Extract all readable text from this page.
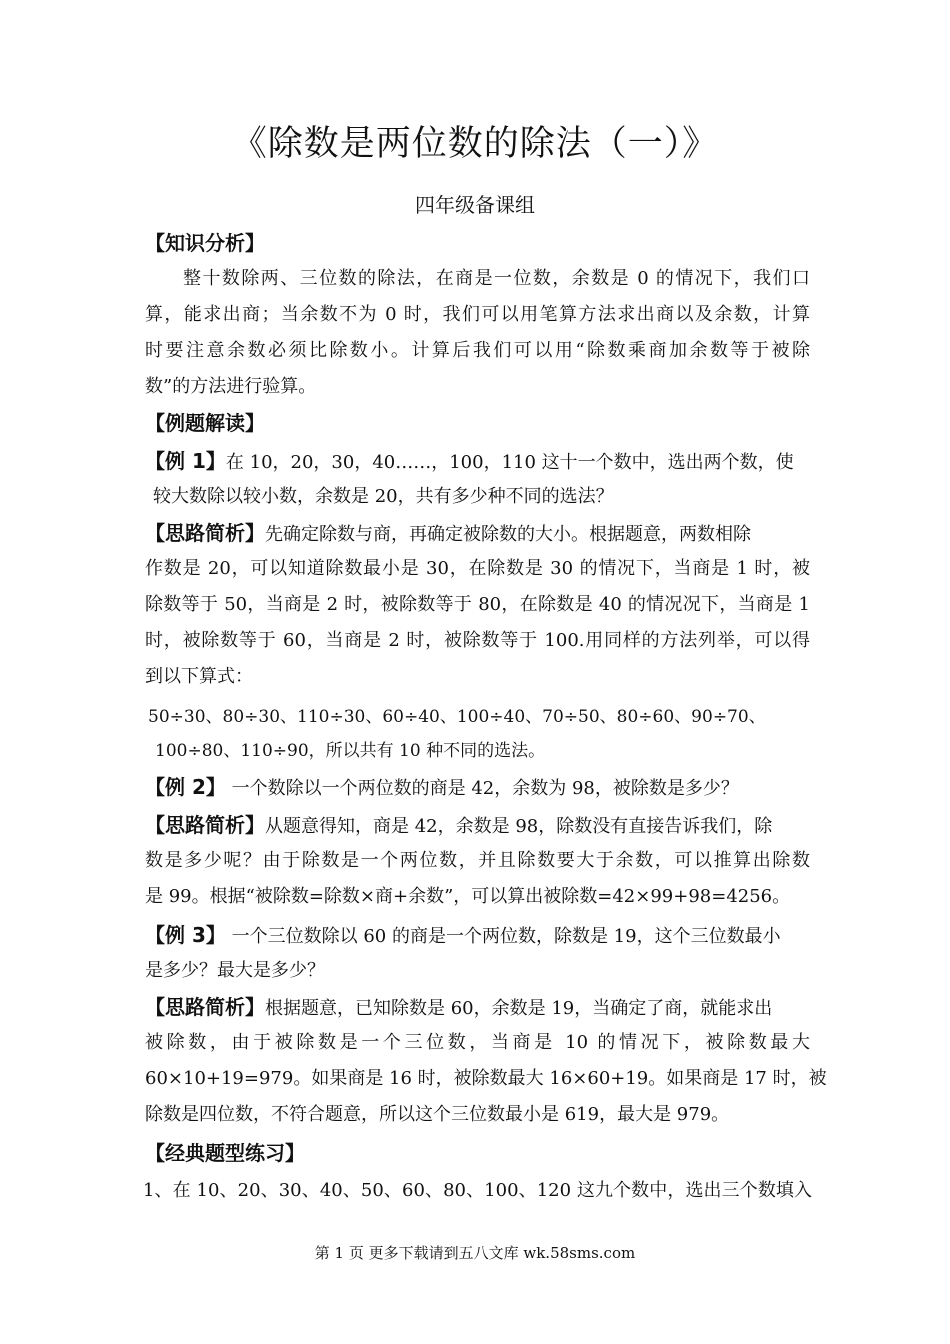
《除数是两位数的除法（一）》
四年级备课组
【知识分析】
整十数除两、三位数的除法，在商是一位数，余数是 0 的情况下，我们口
算，能求出商；当余数不为 0 时，我们可以用笔算方法求出商以及余数，计算
时要注意余数必须比除数小。计算后我们可以用“除数乘商加余数等于被除
数”的方法进行验算。
【例题解读】
【例 1】在 10，20，30，40……，100，110 这十一个数中，选出两个数，使
较大数除以较小数，余数是 20，共有多少种不同的选法？
【思路简析】先确定除数与商，再确定被除数的大小。根据题意，两数相除
作数是 20，可以知道除数最小是 30，在除数是 30 的情况下，当商是 1 时，被
除数等于 50，当商是 2 时，被除数等于 80，在除数是 40 的情况况下，当商是 1
时，被除数等于 60，当商是 2 时，被除数等于 100.用同样的方法列举，可以得
到以下算式：
50÷30、80÷30、110÷30、60÷40、100÷40、70÷50、80÷60、90÷70、
100÷80、110÷90，所以共有 10 种不同的选法。
【例 2】 一个数除以一个两位数的商是 42，余数为 98，被除数是多少？
【思路简析】从题意得知，商是 42，余数是 98，除数没有直接告诉我们，除
数是多少呢？由于除数是一个两位数，并且除数要大于余数，可以推算出除数
是 99。根据“被除数=除数×商+余数”，可以算出被除数=42×99+98=4256。
【例 3】 一个三位数除以 60 的商是一个两位数，除数是 19，这个三位数最小
是多少？最大是多少？
【思路简析】根据题意，已知除数是 60，余数是 19，当确定了商，就能求出
被除数，由于被除数是一个三位数，当商是 10 的情况下，被除数最大
60×10+19=979。如果商是 16 时，被除数最大 16×60+19。如果商是 17 时，被
除数是四位数，不符合题意，所以这个三位数最小是 619，最大是 979。
【经典题型练习】
1、在 10、20、30、40、50、60、80、100、120 这九个数中，选出三个数填入
第 1 页 更多下载请到五八文库 wk.58sms.com
